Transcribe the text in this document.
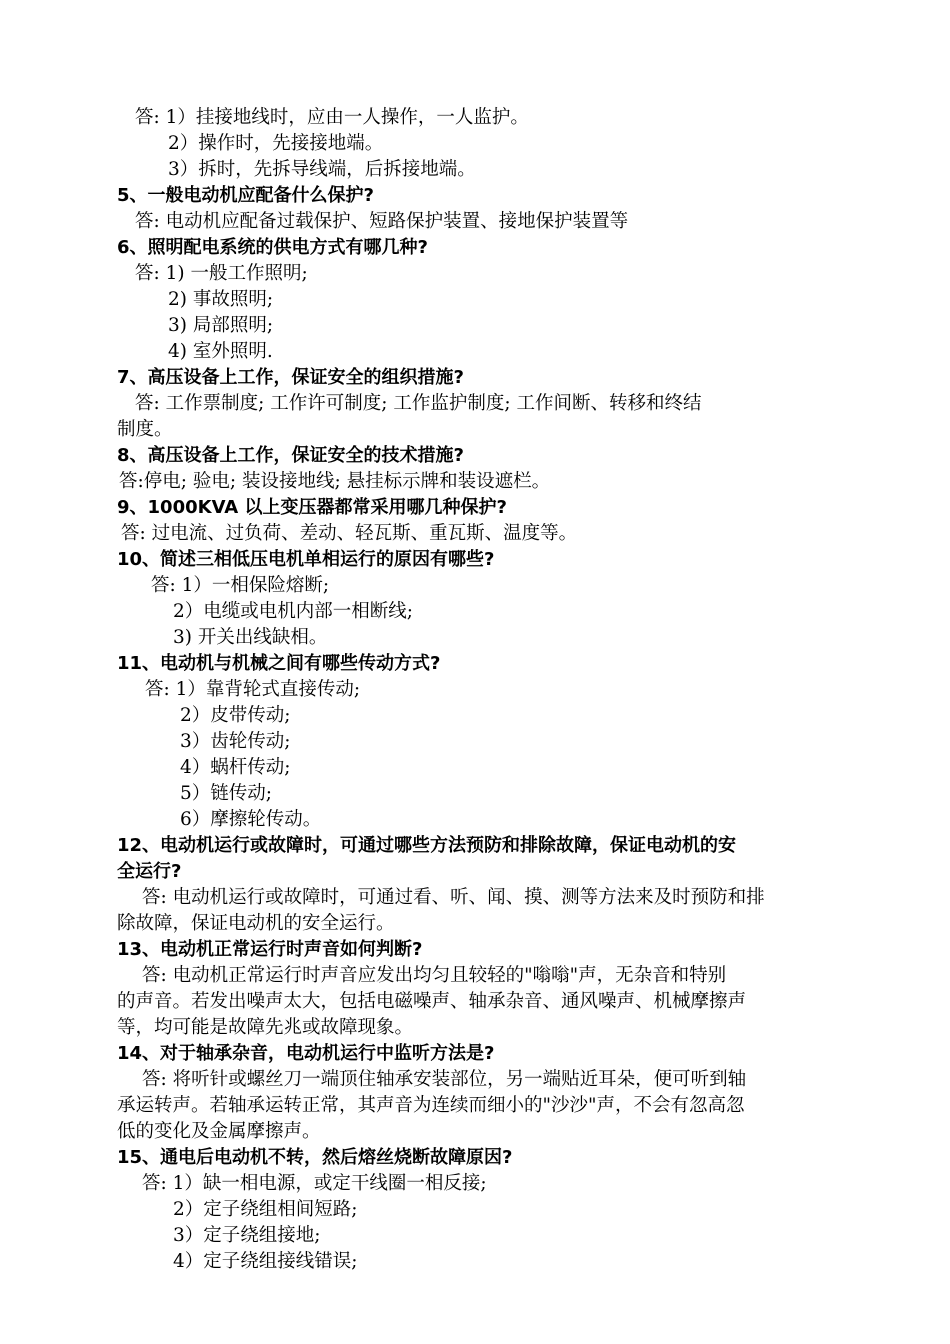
答: 1）挂接地线时，应由一人操作，一人监护。
2）操作时，先接接地端。
3）拆时，先拆导线端，后拆接地端。
5、一般电动机应配备什么保护?
答: 电动机应配备过载保护、短路保护装置、接地保护装置等
6、照明配电系统的供电方式有哪几种?
答: 1) 一般工作照明;
2) 事故照明;
3) 局部照明;
4) 室外照明.
7、高压设备上工作，保证安全的组织措施?
答: 工作票制度; 工作许可制度; 工作监护制度; 工作间断、转移和终结
制度。
8、高压设备上工作，保证安全的技术措施?
答:停电; 验电; 装设接地线; 悬挂标示牌和装设遮栏。
9、1000KVA 以上变压器都常采用哪几种保护?
答: 过电流、过负荷、差动、轻瓦斯、重瓦斯、温度等。
10、简述三相低压电机单相运行的原因有哪些?
答: 1）一相保险熔断;
2）电缆或电机内部一相断线;
3) 开关出线缺相。
11、电动机与机械之间有哪些传动方式?
答: 1）靠背轮式直接传动;
2）皮带传动;
3）齿轮传动;
4）蜗杆传动;
5）链传动;
6）摩擦轮传动。
12、电动机运行或故障时，可通过哪些方法预防和排除故障，保证电动机的安
全运行?
答: 电动机运行或故障时，可通过看、听、闻、摸、测等方法来及时预防和排
除故障，保证电动机的安全运行。
13、电动机正常运行时声音如何判断?
答: 电动机正常运行时声音应发出均匀且较轻的"嗡嗡"声，无杂音和特别
的声音。若发出噪声太大，包括电磁噪声、轴承杂音、通风噪声、机械摩擦声
等，均可能是故障先兆或故障现象。
14、对于轴承杂音，电动机运行中监听方法是?
答: 将听针或螺丝刀一端顶住轴承安装部位，另一端贴近耳朵，便可听到轴
承运转声。若轴承运转正常，其声音为连续而细小的"沙沙"声，不会有忽高忽
低的变化及金属摩擦声。
15、通电后电动机不转，然后熔丝烧断故障原因?
答: 1）缺一相电源，或定干线圈一相反接;
2）定子绕组相间短路;
3）定子绕组接地;
4）定子绕组接线错误;
